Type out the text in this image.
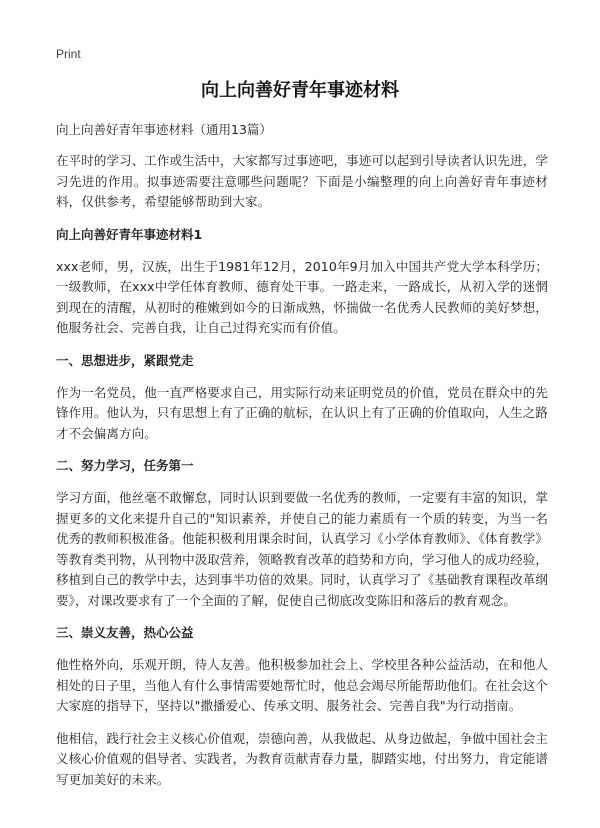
Print
向上向善好青年事迹材料

向上向善好青年事迹材料（通用13篇）

在平时的学习、工作或生活中，大家都写过事迹吧，事迹可以起到引导读者认识先进，学习先进的作用。拟事迹需要注意哪些问题呢？下面是小编整理的向上向善好青年事迹材料，仅供参考，希望能够帮助到大家。

向上向善好青年事迹材料1

xxx老师，男，汉族，出生于1981年12月，2010年9月加入中国共产党大学本科学历；一级教师，在xxx中学任体育教师、德育处干事。一路走来，一路成长，从初入学的迷惘到现在的清醒，从初时的稚嫩到如今的日渐成熟，怀揣做一名优秀人民教师的美好梦想，他服务社会、完善自我，让自己过得充实而有价值。

一、思想进步，紧跟党走

作为一名党员，他一直严格要求自己，用实际行动来证明党员的价值，党员在群众中的先锋作用。他认为，只有思想上有了正确的航标，在认识上有了正确的价值取向，人生之路才不会偏离方向。

二、努力学习，任务第一

学习方面，他丝毫不敢懈怠，同时认识到要做一名优秀的教师，一定要有丰富的知识，掌握更多的文化来提升自己的"知识素养，并使自己的能力素质有一个质的转变，为当一名优秀的教师积极准备。他能积极利用课余时间，认真学习《小学体育教师》、《体育教学》等教育类刊物，从刊物中汲取营养，领略教育改革的趋势和方向，学习他人的成功经验，移植到自己的教学中去，达到事半功倍的效果。同时，认真学习了《基础教育课程改革纲要》，对课改要求有了一个全面的了解，促使自己彻底改变陈旧和落后的教育观念。

三、崇义友善，热心公益

他性格外向，乐观开朗，待人友善。他积极参加社会上、学校里各种公益活动，在和他人相处的日子里，当他人有什么事情需要她帮忙时，他总会竭尽所能帮助他们。在社会这个大家庭的指导下，坚持以"撒播爱心、传承文明、服务社会、完善自我"为行动指南。

他相信，践行社会主义核心价值观，崇德向善，从我做起、从身边做起，争做中国社会主义核心价值观的倡导者、实践者，为教育贡献青春力量，脚踏实地，付出努力，肯定能谱写更加美好的未来。
